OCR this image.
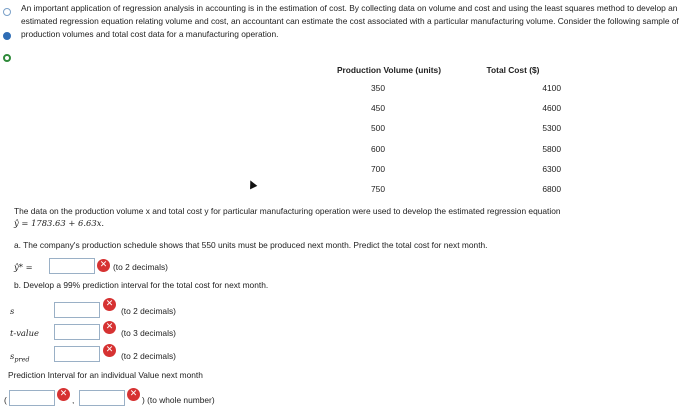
An important application of regression analysis in accounting is in the estimation of cost. By collecting data on volume and cost and using the least squares method to develop an estimated regression equation relating volume and cost, an accountant can estimate the cost associated with a particular manufacturing volume. Consider the following sample of production volumes and total cost data for a manufacturing operation.
Production Volume (units)	Total Cost ($)
350	4100
450	4600
500	5300
600	5800
700	6300
750	6800
The data on the production volume x and total cost y for particular manufacturing operation were used to develop the estimated regression equation
ŷ = 1783.63 + 6.63x.
a. The company's production schedule shows that 550 units must be produced next month. Predict the total cost for next month.
ŷ* =	✕ (to 2 decimals)
b. Develop a 99% prediction interval for the total cost for next month.
s
✕
(to 2 decimals)
t-value
✕
(to 3 decimals)
$s_{pred}$
✕
(to 2 decimals)
Prediction Interval for an individual Value next month
(
✕
,
✕
) (to whole number)
